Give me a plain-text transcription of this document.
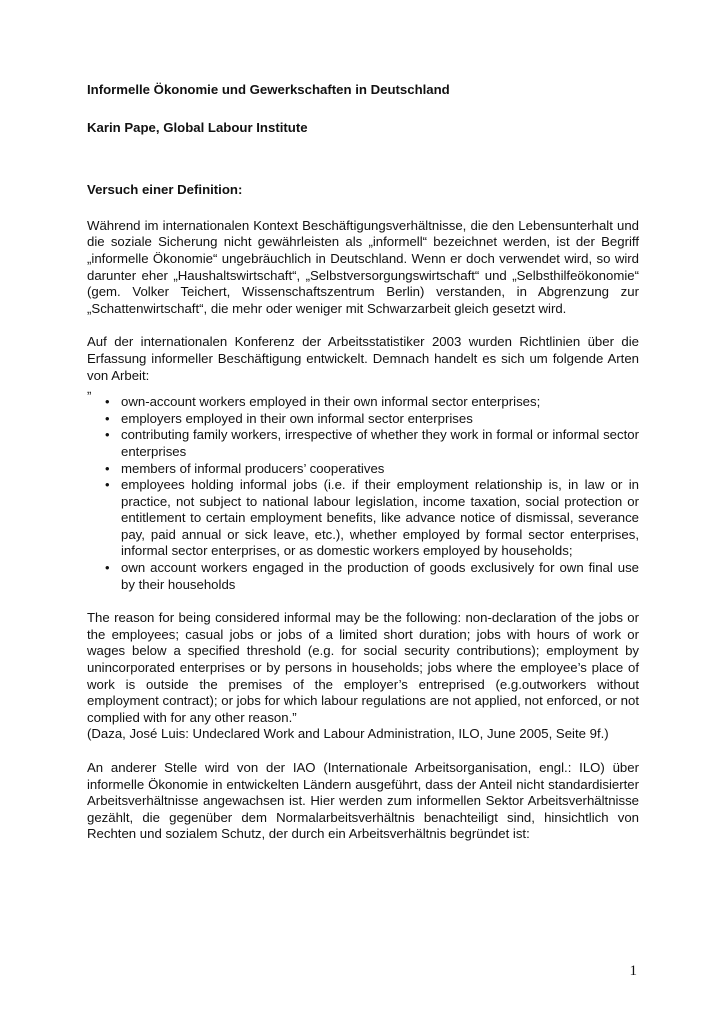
Informelle Ökonomie und Gewerkschaften in Deutschland

Karin Pape, Global Labour Institute

Versuch einer Definition:

Während im internationalen Kontext Beschäftigungsverhältnisse, die den Lebensunterhalt und die soziale Sicherung nicht gewährleisten als „informell“ bezeichnet werden, ist der Begriff „informelle Ökonomie“ ungebräuchlich in Deutschland. Wenn er doch verwendet wird, so wird darunter eher „Haushaltswirtschaft“, „Selbstversorgungswirtschaft“ und „Selbsthilfeökonomie“ (gem. Volker Teichert, Wissenschaftszentrum Berlin) verstanden, in Abgrenzung zur „Schattenwirtschaft“, die mehr oder weniger mit Schwarzarbeit gleich gesetzt wird.

Auf der internationalen Konferenz der Arbeitsstatistiker 2003 wurden Richtlinien über die Erfassung informeller Beschäftigung entwickelt. Demnach handelt es sich um folgende Arten von Arbeit:

„

• own-account workers employed in their own informal sector enterprises;
• employers employed in their own informal sector enterprises
• contributing family workers, irrespective of whether they work in formal or informal sector enterprises
• members of informal producers’ cooperatives
• employees holding informal jobs (i.e. if their employment relationship is, in law or in practice, not subject to national labour legislation, income taxation, social protection or entitlement to certain employment benefits, like advance notice of dismissal, severance pay, paid annual or sick leave, etc.), whether employed by formal sector enterprises, informal sector enterprises, or as domestic workers employed by households;
• own account workers engaged in the production of goods exclusively for own final use by their households

The reason for being considered informal may be the following: non-declaration of the jobs or the employees; casual jobs or jobs of a limited short duration; jobs with hours of work or wages below a specified threshold (e.g. for social security contributions); employment by unincorporated enterprises or by persons in households; jobs where the employee’s place of work is outside the premises of the employer’s entreprised (e.g.outworkers without employment contract); or jobs for which labour regulations are not applied, not enforced, or not complied with for any other reason.”

(Daza, José Luis: Undeclared Work and Labour Administration, ILO, June 2005, Seite 9f.)

An anderer Stelle wird von der IAO (Internationale Arbeitsorganisation, engl.: ILO) über informelle Ökonomie in entwickelten Ländern ausgeführt, dass der Anteil nicht standardisierter Arbeitsverhältnisse angewachsen ist. Hier werden zum informellen Sektor Arbeitsverhältnisse gezählt, die gegenüber dem Normalarbeitsverhältnis benachteiligt sind, hinsichtlich von Rechten und sozialem Schutz, der durch ein Arbeitsverhältnis begründet ist:

1
